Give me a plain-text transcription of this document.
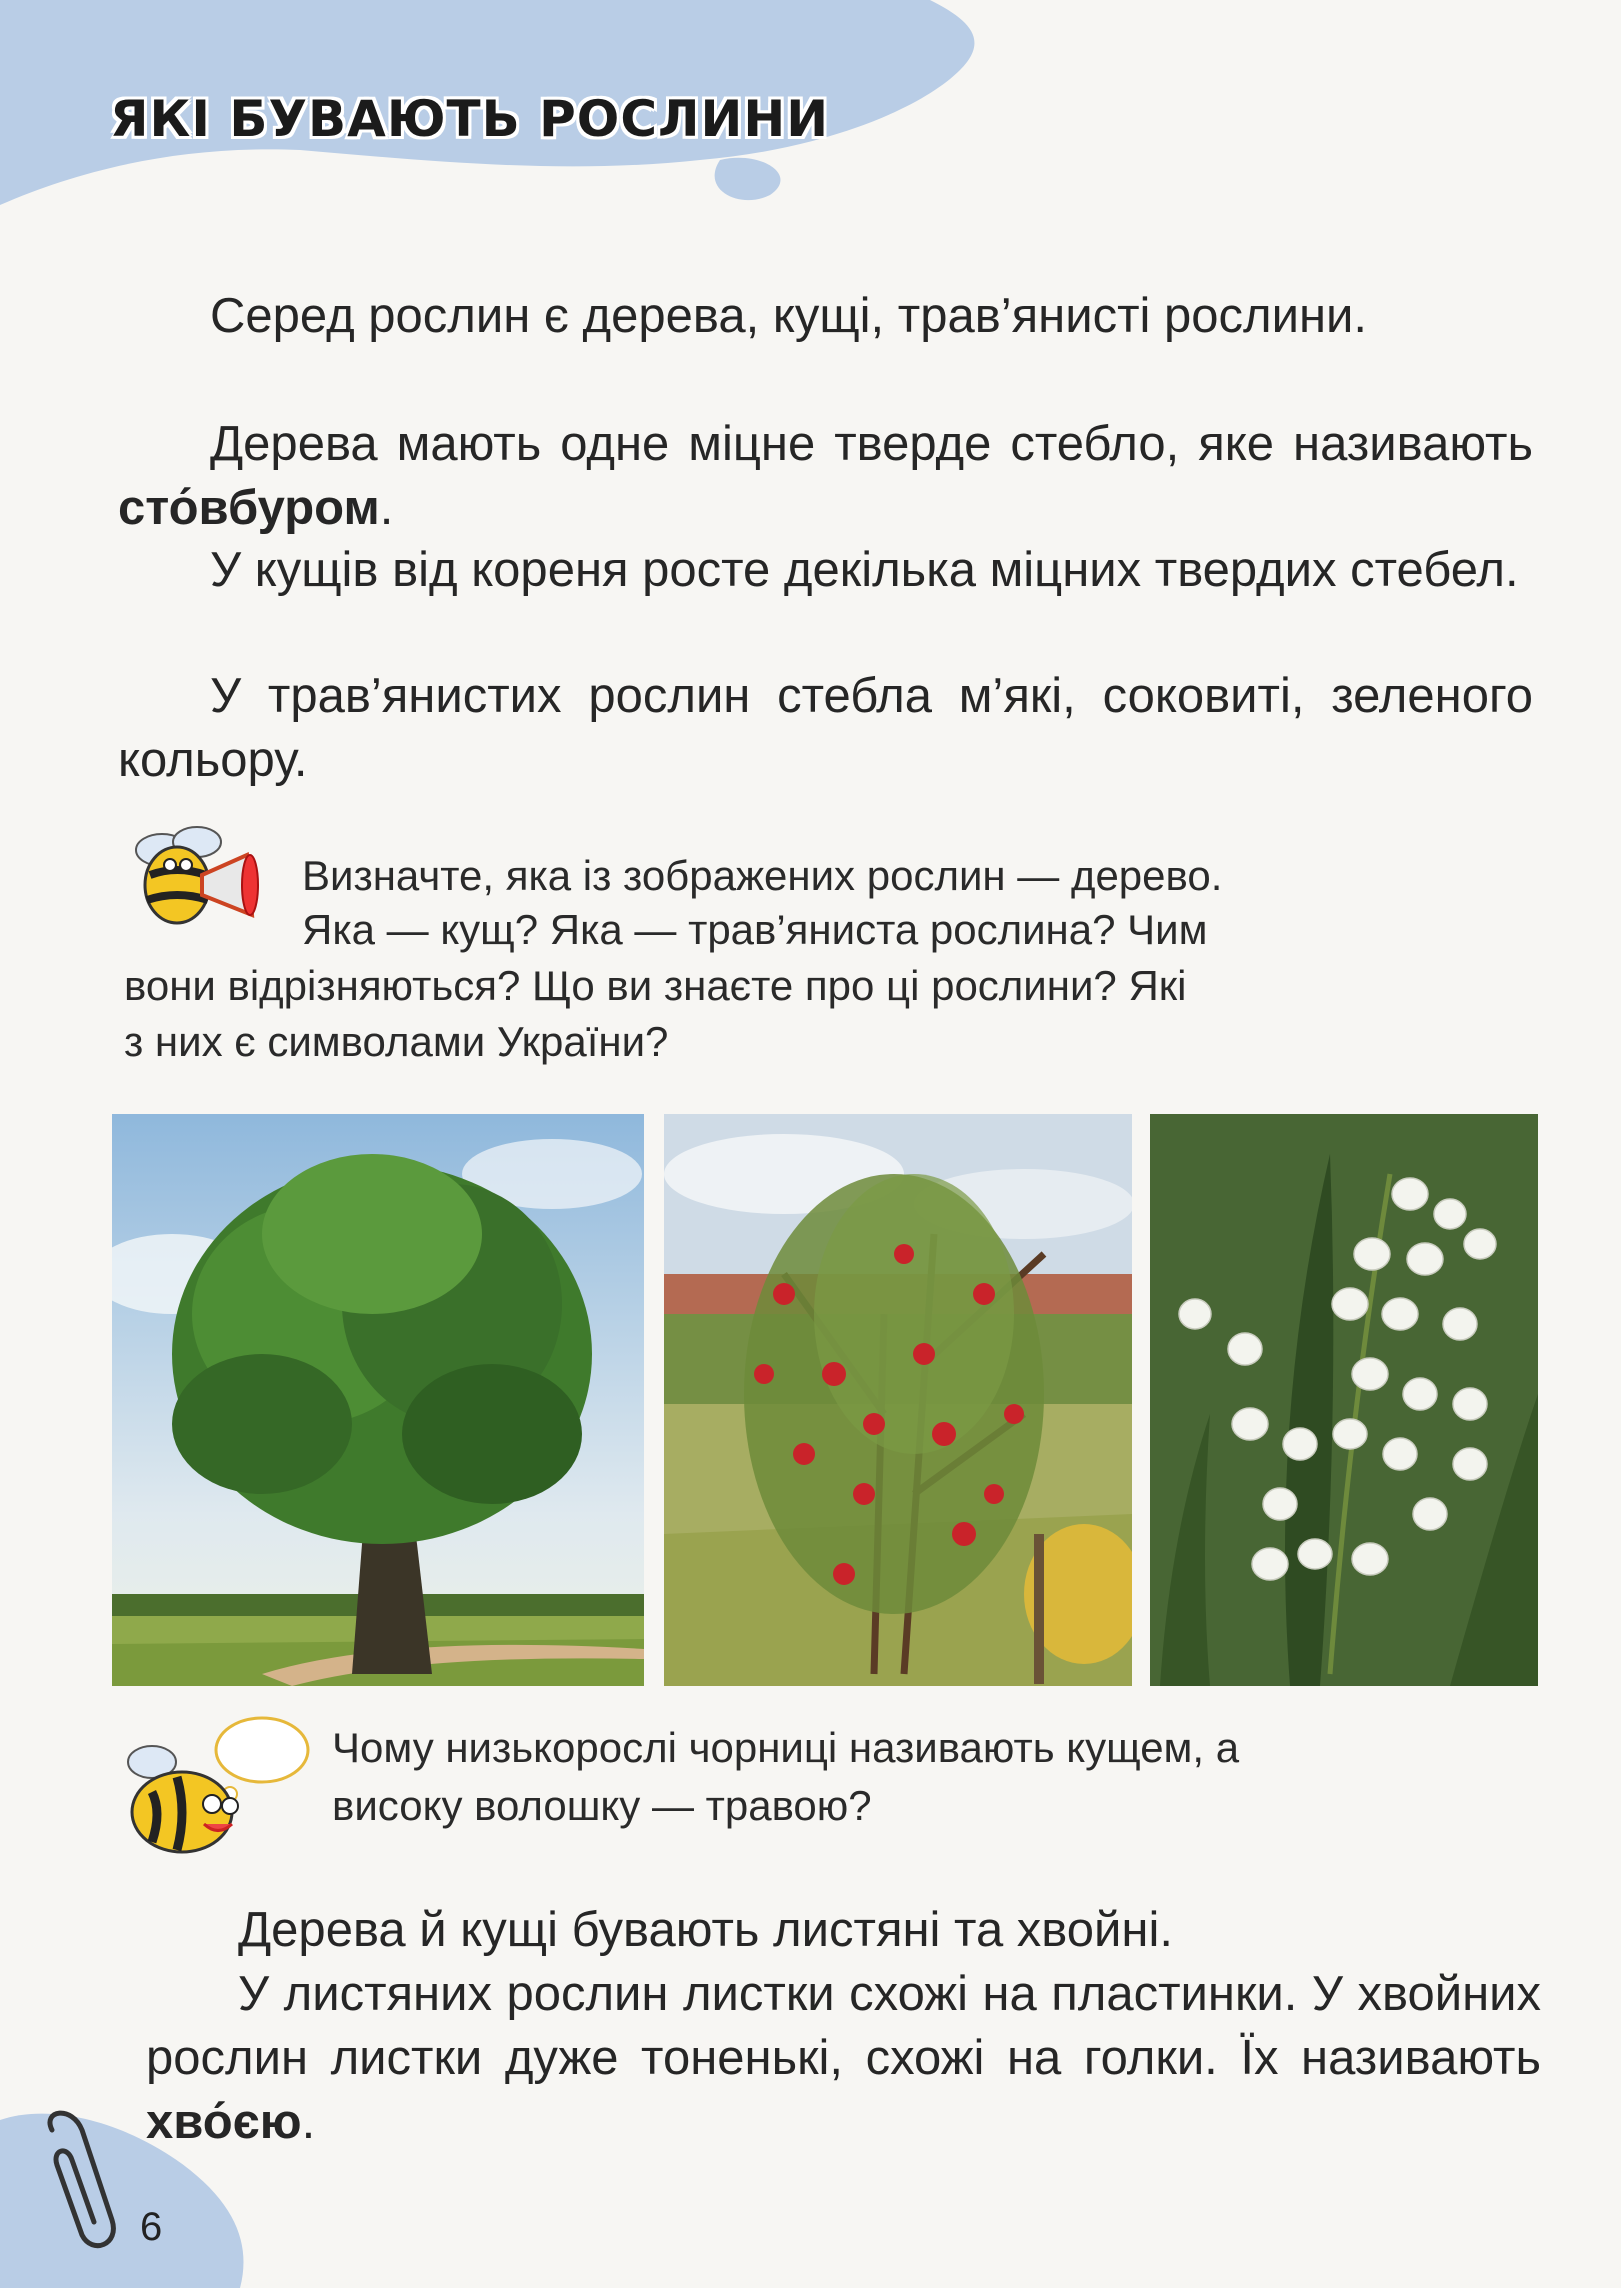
ЯКІ БУВАЮТЬ РОСЛИНИ
Серед рослин є дерева, кущі, трав’янисті рослини.
Дерева мають одне міцне тверде стебло, яке називають сто́вбуром.
У кущів від кореня росте декілька міцних твердих стебел.
У трав’янистих рослин стебла м’які, соковиті, зеленого кольору.
Визначте, яка із зображених рослин — дерево.
Яка — кущ? Яка — трав’яниста рослина? Чим
вони відрізняються? Що ви знаєте про ці рослини? Які
з них є символами України?
Чому низькорослі чорниці називають кущем, а
високу волошку — травою?
Дерева й кущі бувають листяні та хвойні.
У листяних рослин листки схожі на пластинки. У хвойних рослин листки дуже тоненькі, схожі на голки. Їх називають хво́єю.
6
